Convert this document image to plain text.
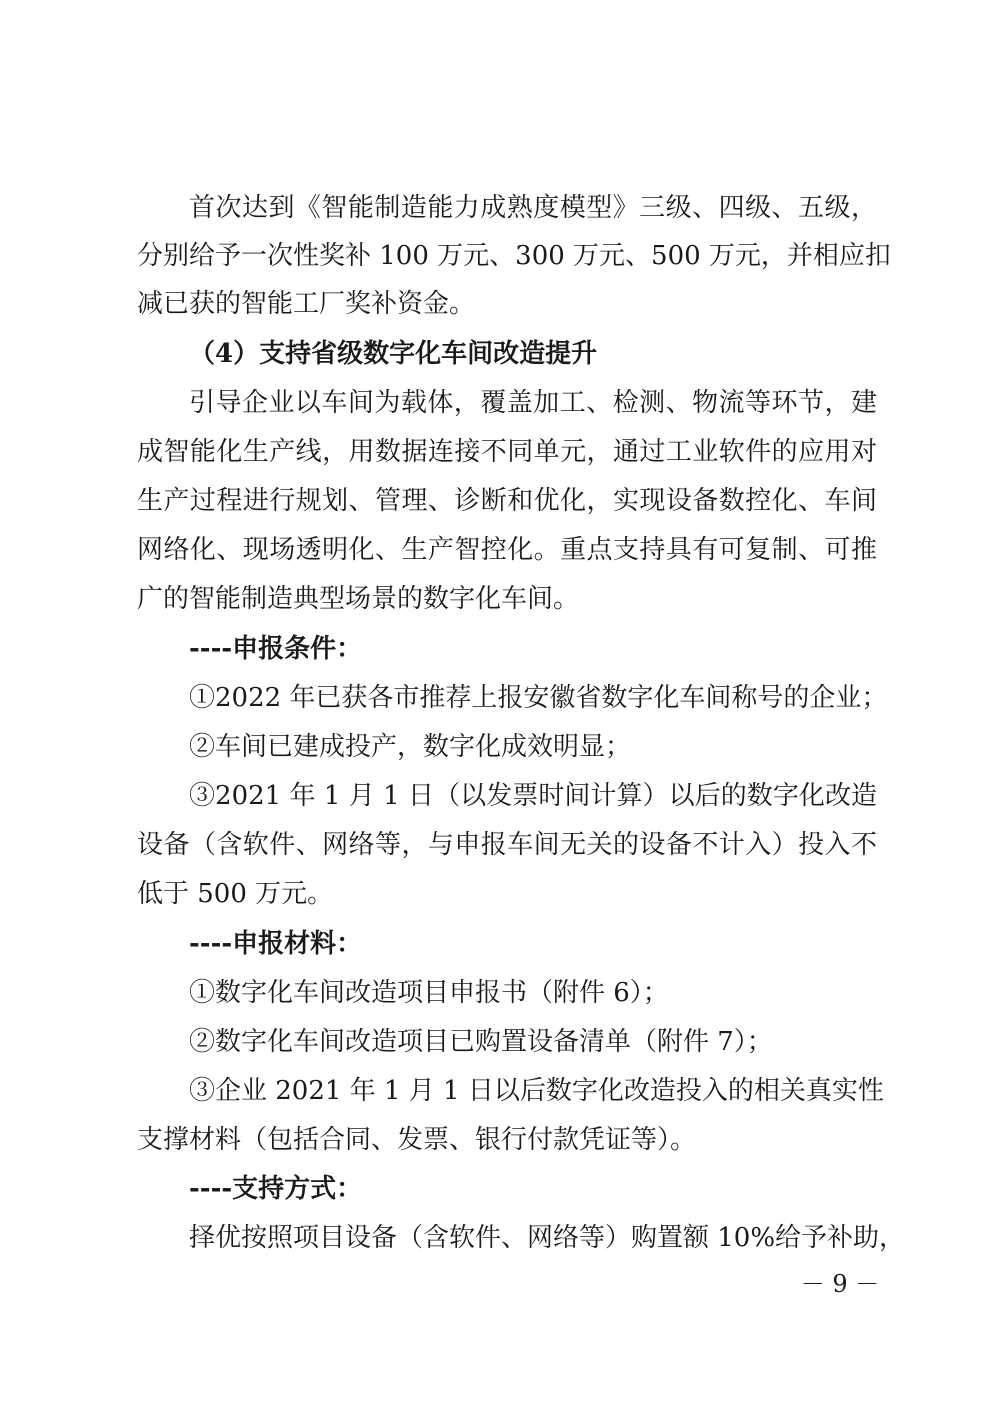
首次达到《智能制造能力成熟度模型》三级、四级、五级，
分别给予一次性奖补 100 万元、300 万元、500 万元，并相应扣
减已获的智能工厂奖补资金。
（4）支持省级数字化车间改造提升
引导企业以车间为载体，覆盖加工、检测、物流等环节，建
成智能化生产线，用数据连接不同单元，通过工业软件的应用对
生产过程进行规划、管理、诊断和优化，实现设备数控化、车间
网络化、现场透明化、生产智控化。重点支持具有可复制、可推
广的智能制造典型场景的数字化车间。
----申报条件：
①2022 年已获各市推荐上报安徽省数字化车间称号的企业；
②车间已建成投产，数字化成效明显；
③2021 年 1 月 1 日（以发票时间计算）以后的数字化改造
设备（含软件、网络等，与申报车间无关的设备不计入）投入不
低于 500 万元。
----申报材料：
①数字化车间改造项目申报书（附件 6）；
②数字化车间改造项目已购置设备清单（附件 7）；
③企业 2021 年 1 月 1 日以后数字化改造投入的相关真实性
支撑材料（包括合同、发票、银行付款凭证等）。
----支持方式：
择优按照项目设备（含软件、网络等）购置额 10%给予补助，
－ 9 －
